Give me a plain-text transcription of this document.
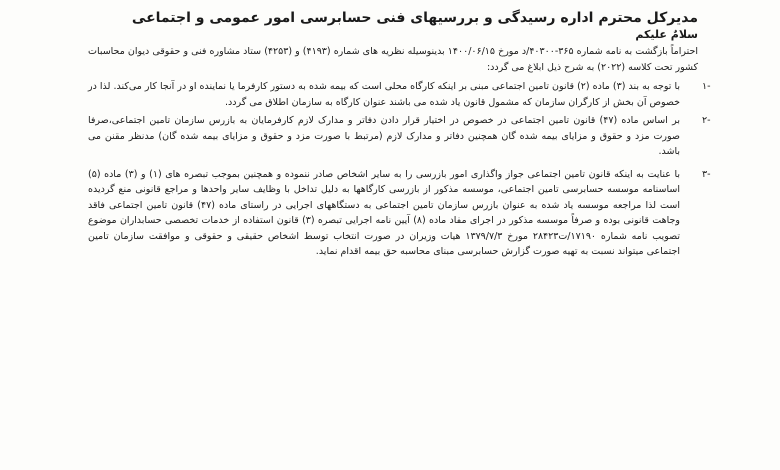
مدیرکل محترم اداره رسیدگی و بررسیهای فنی حسابرسی امور عمومی و اجتماعی

سلامٌ علیکم

احتراماً بازگشت به نامه شماره ۳۶۵-۴۰۳۰۰/د مورخ ۱۴۰۰/۰۶/۱۵ بدینوسیله نظریه های شماره (۴۱۹۳) و (۴۲۵۳) ستاد مشاوره فنی و حقوقی دیوان محاسبات کشور تحت کلاسه (۲۰۲۲) به شرح ذیل ابلاغ می گردد:

۱-
با توجه به بند (۳) ماده (۲) قانون تامین اجتماعی مبنی بر اینکه کارگاه محلی است که بیمه شده به دستور کارفرما یا نماینده او در آنجا کار می‌کند. لذا در خصوص آن بخش از کارگران سازمان که مشمول قانون یاد شده می باشند عنوان کارگاه به سازمان اطلاق می گردد.
۲-
بر اساس ماده (۴۷) قانون تامین اجتماعی در خصوص در اختیار قرار دادن دفاتر و مدارک لازم کارفرمایان به بازرس سازمان تامین اجتماعی،صرفا صورت مزد و حقوق و مزایای بیمه شده گان همچنین دفاتر و مدارک لازم (مرتبط با صورت مزد و حقوق و مزایای بیمه شده گان) مدنظر مقنن می باشد.
۳-
با عنایت به اینکه قانون تامین اجتماعی جواز واگذاری امور بازرسی را به سایر اشخاص صادر ننموده و همچنین بموجب تبصره های (۱) و (۳) ماده (۵) اساسنامه موسسه حسابرسی تامین اجتماعی، موسسه مذکور از بازرسی کارگاهها به دلیل تداخل با وظایف سایر واحدها و مراجع قانونی منع گردیده است لذا مراجعه موسسه یاد شده به عنوان بازرس سازمان تامین اجتماعی به دستگاههای اجرایی در راستای ماده (۴۷) قانون تامین اجتماعی فاقد وجاهت قانونی بوده و صرفاً موسسه مذکور در اجرای مفاد ماده (۸) آیین نامه اجرایی تبصره (۳) قانون استفاده از خدمات تخصصی حسابداران موضوع تصویب نامه شماره ۱۷۱۹۰/ت۲۸۴۲۳ مورخ ۱۳۷۹/۷/۳ هیات وزیران در صورت انتخاب توسط اشخاص حقیقی و حقوقی و موافقت سازمان تامین اجتماعی میتواند نسبت به تهیه صورت گزارش حسابرسی مبنای محاسبه حق بیمه اقدام نماید.
